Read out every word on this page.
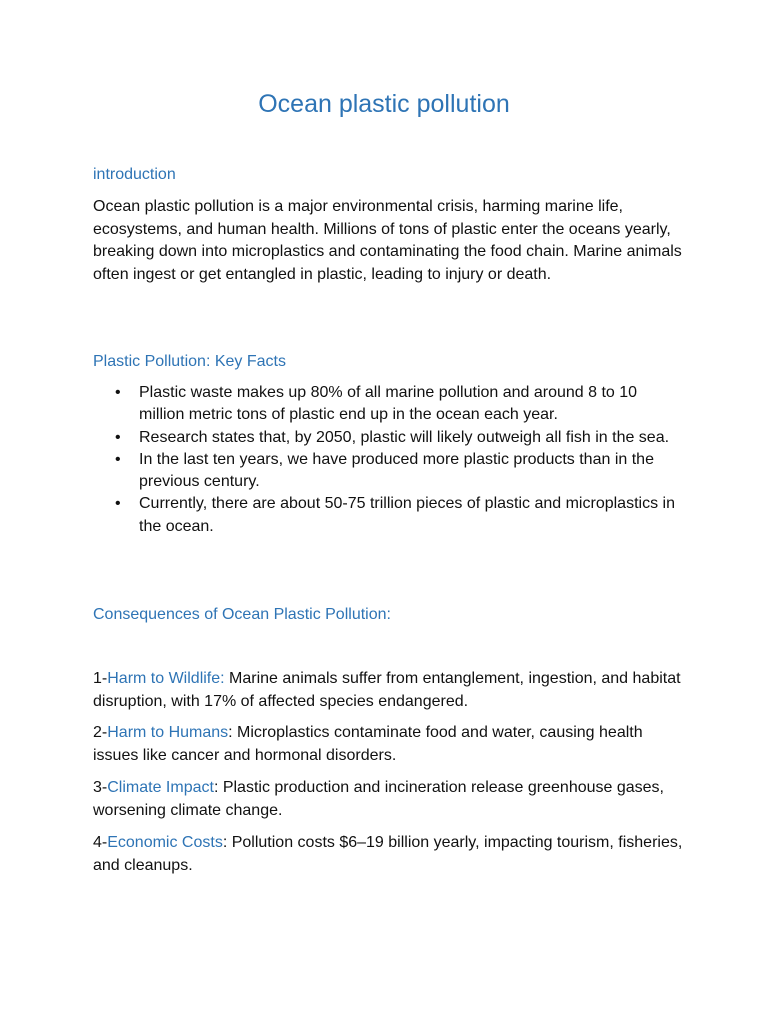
Ocean plastic pollution
introduction

Ocean plastic pollution is a major environmental crisis, harming marine life, ecosystems, and human health. Millions of tons of plastic enter the oceans yearly, breaking down into microplastics and contaminating the food chain. Marine animals often ingest or get entangled in plastic, leading to injury or death.

Plastic Pollution: Key Facts
• Plastic waste makes up 80% of all marine pollution and around 8 to 10 million metric tons of plastic end up in the ocean each year.
• Research states that, by 2050, plastic will likely outweigh all fish in the sea.
• In the last ten years, we have produced more plastic products than in the previous century.
• Currently, there are about 50-75 trillion pieces of plastic and microplastics in the ocean.
Consequences of Ocean Plastic Pollution:

1-Harm to Wildlife: Marine animals suffer from entanglement, ingestion, and habitat disruption, with 17% of affected species endangered.

2-Harm to Humans: Microplastics contaminate food and water, causing health issues like cancer and hormonal disorders.

3-Climate Impact: Plastic production and incineration release greenhouse gases, worsening climate change.

4-Economic Costs: Pollution costs $6–19 billion yearly, impacting tourism, fisheries, and cleanups.
